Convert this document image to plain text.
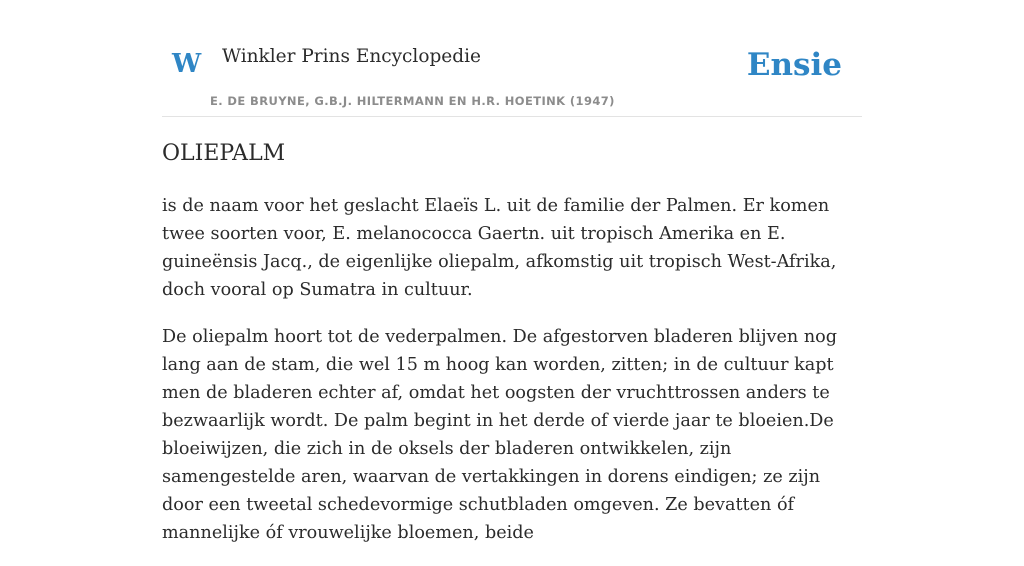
W Winkler Prins Encyclopedie
E. DE BRUYNE, G.B.J. HILTERMANN EN H.R. HOETINK (1947)
Ensie
OLIEPALM

is de naam voor het geslacht Elaeïs L. uit de familie der Palmen. Er komen twee soorten voor, E. melanococca Gaertn. uit tropisch Amerika en E. guineënsis Jacq., de eigenlijke oliepalm, afkomstig uit tropisch West-Afrika, doch vooral op Sumatra in cultuur.

De oliepalm hoort tot de vederpalmen. De afgestorven bladeren blijven nog lang aan de stam, die wel 15 m hoog kan worden, zitten; in de cultuur kapt men de bladeren echter af, omdat het oogsten der vruchttrossen anders te bezwaarlijk wordt. De palm begint in het derde of vierde jaar te bloeien.De bloeiwijzen, die zich in de oksels der bladeren ontwikkelen, zijn samengestelde aren, waarvan de vertakkingen in dorens eindigen; ze zijn door een tweetal schedevormige schutbladen omgeven. Ze bevatten óf mannelijke óf vrouwelijke bloemen, beide
